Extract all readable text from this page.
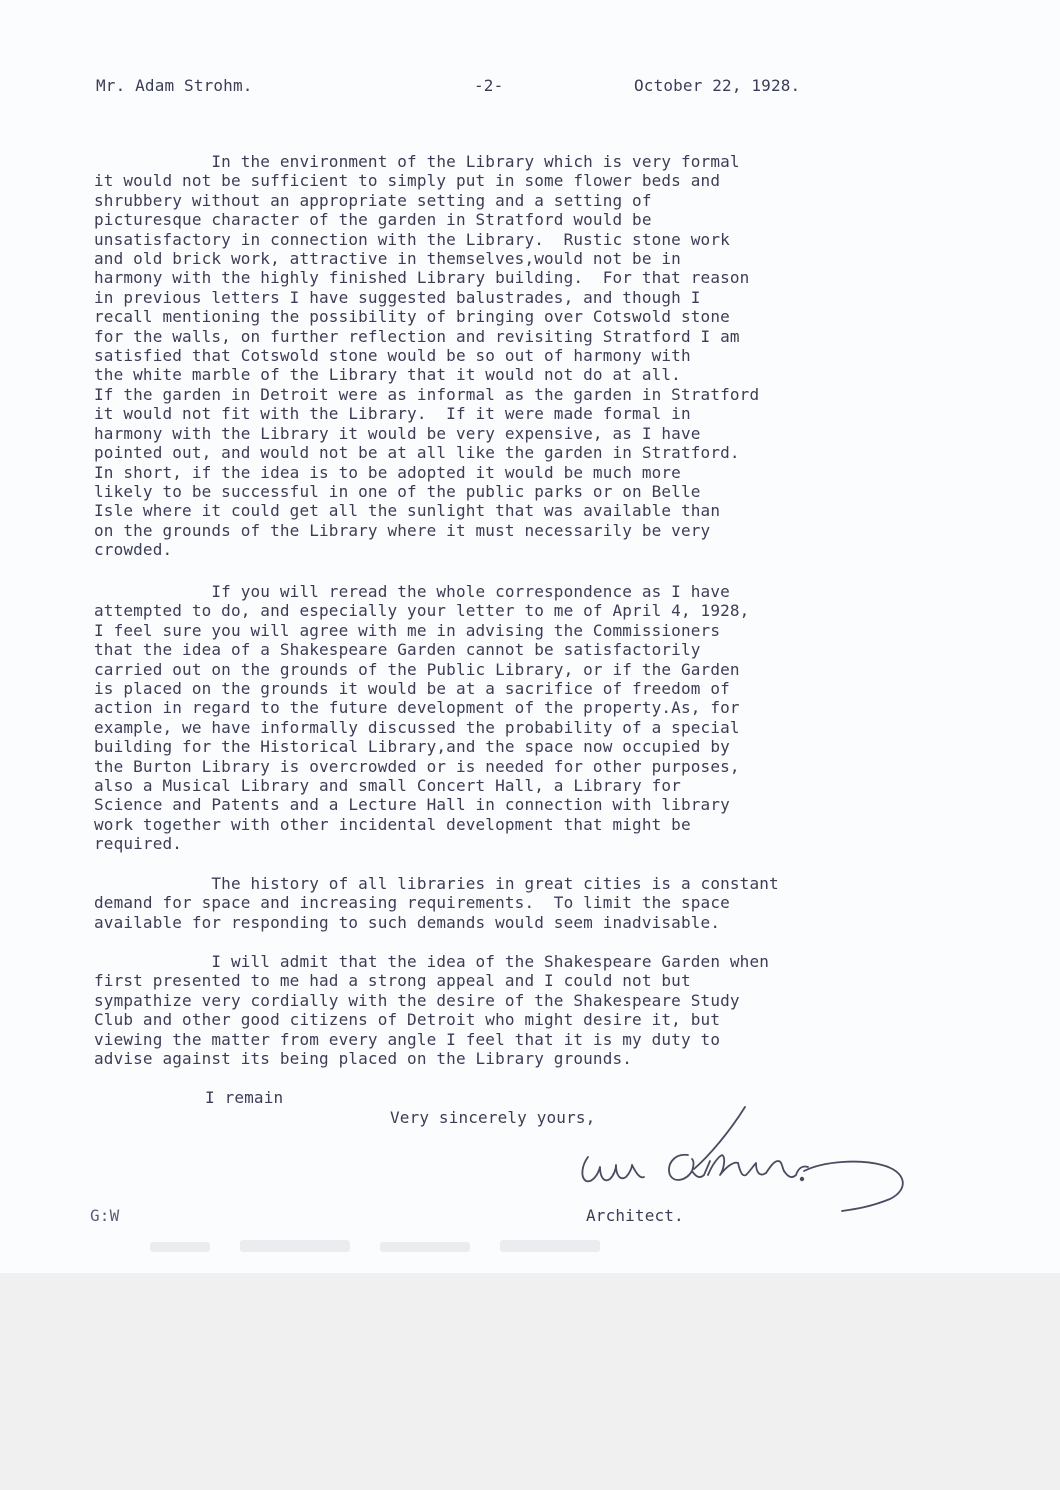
Mr. Adam Strohm.	-2-	October 22, 1928.

In the environment of the Library which is very formal
it would not be sufficient to simply put in some flower beds and
shrubbery without an appropriate setting and a setting of
picturesque character of the garden in Stratford would be
unsatisfactory in connection with the Library.  Rustic stone work
and old brick work, attractive in themselves,would not be in
harmony with the highly finished Library building.  For that reason
in previous letters I have suggested balustrades, and though I
recall mentioning the possibility of bringing over Cotswold stone
for the walls, on further reflection and revisiting Stratford I am
satisfied that Cotswold stone would be so out of harmony with
the white marble of the Library that it would not do at all.
If the garden in Detroit were as informal as the garden in Stratford
it would not fit with the Library.  If it were made formal in
harmony with the Library it would be very expensive, as I have
pointed out, and would not be at all like the garden in Stratford.
In short, if the idea is to be adopted it would be much more
likely to be successful in one of the public parks or on Belle
Isle where it could get all the sunlight that was available than
on the grounds of the Library where it must necessarily be very
crowded.

If you will reread the whole correspondence as I have
attempted to do, and especially your letter to me of April 4, 1928,
I feel sure you will agree with me in advising the Commissioners
that the idea of a Shakespeare Garden cannot be satisfactorily
carried out on the grounds of the Public Library, or if the Garden
is placed on the grounds it would be at a sacrifice of freedom of
action in regard to the future development of the property.As, for
example, we have informally discussed the probability of a special
building for the Historical Library,and the space now occupied by
the Burton Library is overcrowded or is needed for other purposes,
also a Musical Library and small Concert Hall, a Library for
Science and Patents and a Lecture Hall in connection with library
work together with other incidental development that might be
required.

The history of all libraries in great cities is a constant
demand for space and increasing requirements.  To limit the space
available for responding to such demands would seem inadvisable.

I will admit that the idea of the Shakespeare Garden when
first presented to me had a strong appeal and I could not but
sympathize very cordially with the desire of the Shakespeare Study
Club and other good citizens of Detroit who might desire it, but
viewing the matter from every angle I feel that it is my duty to
advise against its being placed on the Library grounds.

I remain
Very sincerely yours,
G:W	Architect.
